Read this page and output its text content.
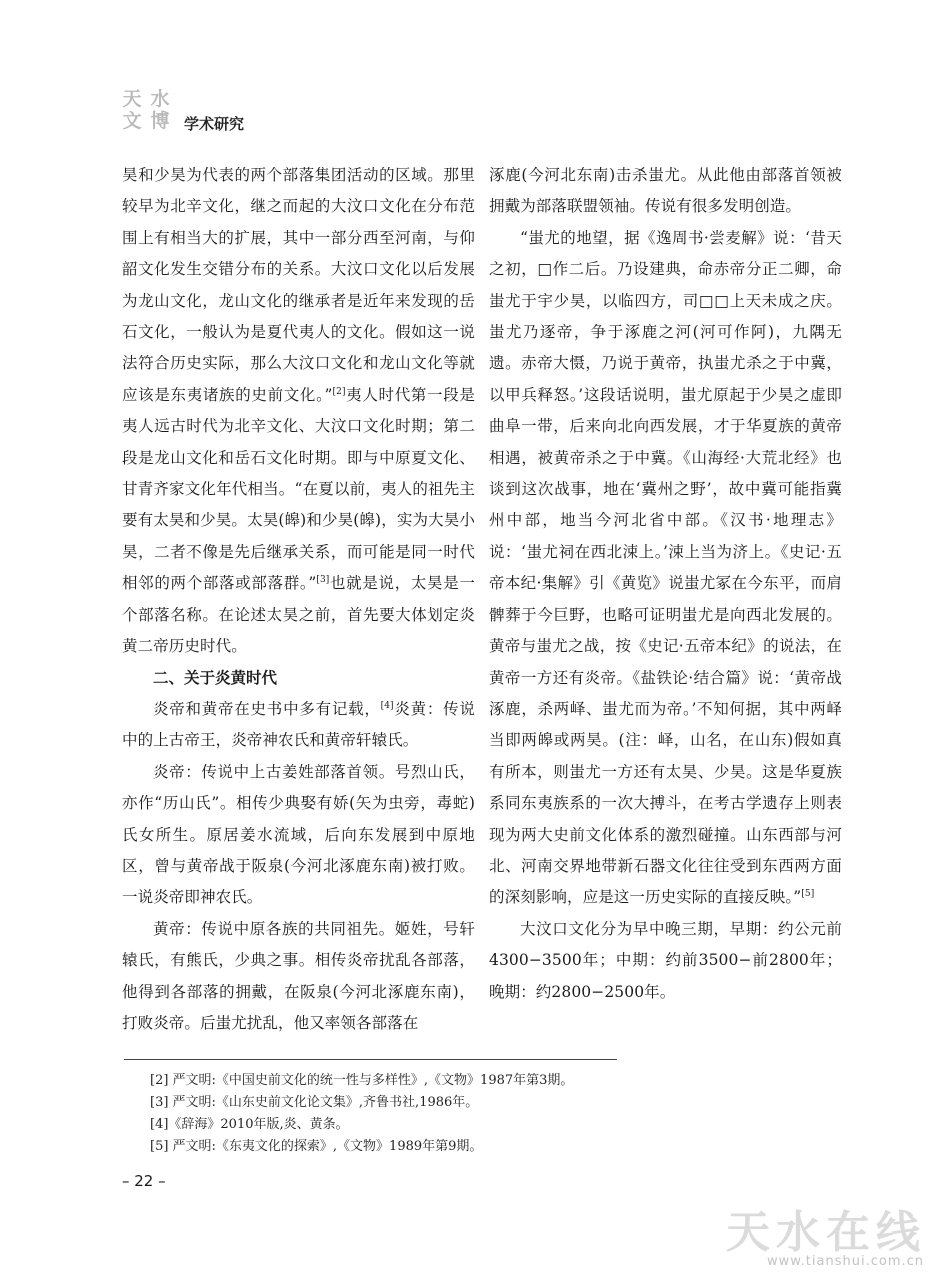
天 水
文 博 学术研究

昊和少昊为代表的两个部落集团活动的区域。那里较早为北辛文化，继之而起的大汶口文化在分布范围上有相当大的扩展，其中一部分西至河南，与仰韶文化发生交错分布的关系。大汶口文化以后发展为龙山文化，龙山文化的继承者是近年来发现的岳石文化，一般认为是夏代夷人的文化。假如这一说法符合历史实际，那么大汶口文化和龙山文化等就应该是东夷诸族的史前文化。”[2]夷人时代第一段是夷人远古时代为北辛文化、大汶口文化时期；第二段是龙山文化和岳石文化时期。即与中原夏文化、甘青齐家文化年代相当。“在夏以前，夷人的祖先主要有太昊和少昊。太昊(皞)和少昊(皞)，实为大昊小昊，二者不像是先后继承关系，而可能是同一时代相邻的两个部落或部落群。”[3]也就是说，太昊是一个部落名称。在论述太昊之前，首先要大体划定炎黄二帝历史时代。

二、关于炎黄时代

炎帝和黄帝在史书中多有记载，[4]炎黄：传说中的上古帝王，炎帝神农氏和黄帝轩辕氏。

炎帝：传说中上古姜姓部落首领。号烈山氏，亦作“历山氏”。相传少典娶有娇(矢为虫旁，毒蛇)氏女所生。原居姜水流域，后向东发展到中原地区，曾与黄帝战于阪泉(今河北涿鹿东南)被打败。一说炎帝即神农氏。

黄帝：传说中原各族的共同祖先。姬姓，号轩辕氏，有熊氏，少典之事。相传炎帝扰乱各部落，他得到各部落的拥戴，在阪泉(今河北涿鹿东南)，打败炎帝。后蚩尤扰乱，他又率领各部落在

涿鹿(今河北东南)击杀蚩尤。从此他由部落首领被拥戴为部落联盟领袖。传说有很多发明创造。

“蚩尤的地望，据《逸周书·尝麦解》说：‘昔天之初，□作二后。乃设建典，命赤帝分正二卿，命蚩尤于宇少昊，以临四方，司□□上天未成之庆。蚩尤乃逐帝，争于涿鹿之河(河可作阿)，九隅无遗。赤帝大慑，乃说于黄帝，执蚩尤杀之于中冀，以甲兵释怒。’这段话说明，蚩尤原起于少昊之虚即曲阜一带，后来向北向西发展，才于华夏族的黄帝相遇，被黄帝杀之于中冀。《山海经·大荒北经》也谈到这次战事，地在‘冀州之野’，故中冀可能指冀州中部，地当今河北省中部。《汉书·地理志》说：‘蚩尤祠在西北涑上。’涑上当为济上。《史记·五帝本纪·集解》引《黄览》说蚩尤冢在今东平，而肩髀葬于今巨野，也略可证明蚩尤是向西北发展的。黄帝与蚩尤之战，按《史记·五帝本纪》的说法，在黄帝一方还有炎帝。《盐铁论·结合篇》说：‘黄帝战涿鹿，杀两峄、蚩尤而为帝。’不知何据，其中两峄当即两皞或两昊。(注：峄，山名，在山东)假如真有所本，则蚩尤一方还有太昊、少昊。这是华夏族系同东夷族系的一次大搏斗，在考古学遗存上则表现为两大史前文化体系的激烈碰撞。山东西部与河北、河南交界地带新石器文化往往受到东西两方面的深刻影响，应是这一历史实际的直接反映。”[5]

大汶口文化分为早中晚三期，早期：约公元前4300−3500年；中期：约前3500−前2800年；晚期：约2800−2500年。

[2] 严文明:《中国史前文化的统一性与多样性》,《文物》1987年第3期。
[3] 严文明:《山东史前文化论文集》,齐鲁书社,1986年。
[4]《辞海》2010年版,炎、黄条。
[5] 严文明:《东夷文化的探索》,《文物》1989年第9期。
– 22 –
天水在线
www.tianshui.com.cn
